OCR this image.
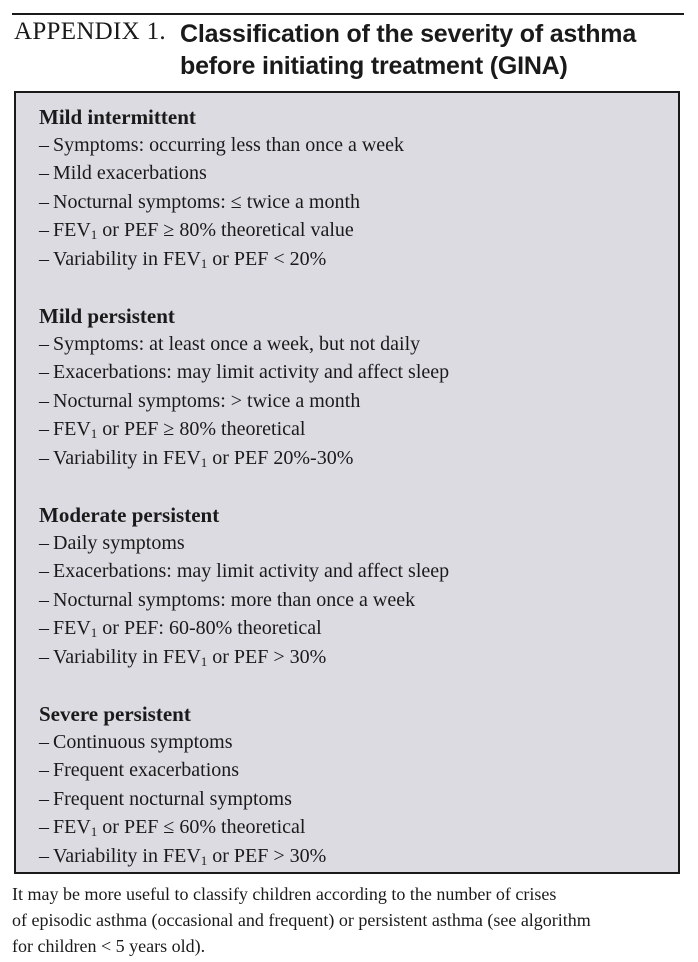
APPENDIX 1. Classification of the severity of asthma
before initiating treatment (GINA)
Mild intermittent
– Symptoms: occurring less than once a week
– Mild exacerbations
– Nocturnal symptoms: ≤ twice a month
– $FEV_1$ or PEF ≥ 80% theoretical value
– Variability in $FEV_1$ or PEF < 20%
Mild persistent
– Symptoms: at least once a week, but not daily
– Exacerbations: may limit activity and affect sleep
– Nocturnal symptoms: > twice a month
– $FEV_1$ or PEF ≥ 80% theoretical
– Variability in $FEV_1$ or PEF 20%-30%
Moderate persistent
– Daily symptoms
– Exacerbations: may limit activity and affect sleep
– Nocturnal symptoms: more than once a week
– $FEV_1$ or PEF: 60-80% theoretical
– Variability in $FEV_1$ or PEF > 30%
Severe persistent
– Continuous symptoms
– Frequent exacerbations
– Frequent nocturnal symptoms
– $FEV_1$ or PEF ≤ 60% theoretical
– Variability in $FEV_1$ or PEF > 30%
It may be more useful to classify children according to the number of crises
of episodic asthma (occasional and frequent) or persistent asthma (see algorithm
for children < 5 years old).
